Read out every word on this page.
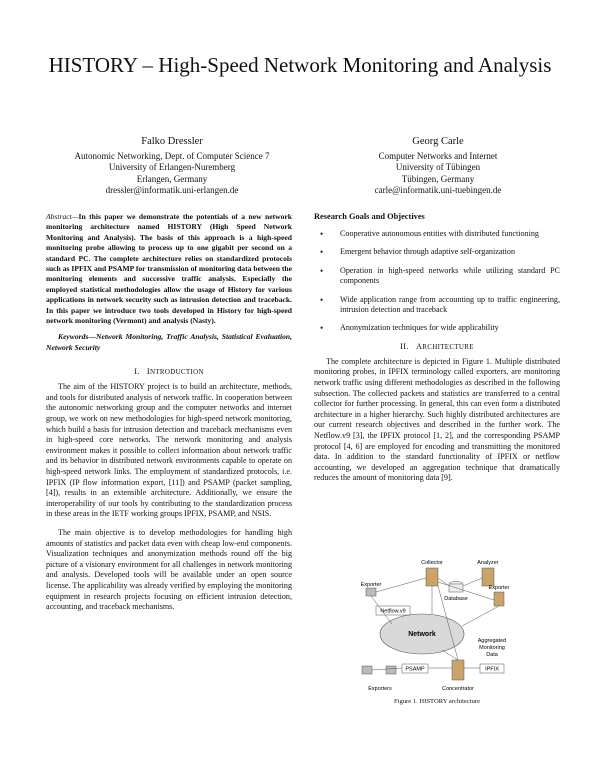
HISTORY – High-Speed Network Monitoring and Analysis
Falko Dressler
Autonomic Networking, Dept. of Computer Science 7
University of Erlangen-Nuremberg
Erlangen, Germany
dressler@informatik.uni-erlangen.de
Georg Carle
Computer Networks and Internet
University of Tübingen
Tübingen, Germany
carle@informatik.uni-tuebingen.de
Abstract—In this paper we demonstrate the potentials of a new network monitoring architecture named HISTORY (High Speed Network Monitoring and Analysis). The basis of this approach is a high-speed monitoring probe allowing to process up to one gigabit per second on a standard PC. The complete architecture relies on standardized protocols such as IPFIX and PSAMP for transmission of monitoring data between the monitoring elements and successive traffic analysis. Especially the employed statistical methodologies allow the usage of History for various applications in network security such as intrusion detection and traceback. In this paper we introduce two tools developed in History for high-speed network monitoring (Vermont) and analysis (Nasty).
Keywords—Network Monitoring, Traffic Analysis, Statistical Evaluation, Network Security
I. INTRODUCTION

The aim of the HISTORY project is to build an architecture, methods, and tools for distributed analysis of network traffic. In cooperation between the autonomic networking group and the computer networks and internet group, we work on new methodologies for high-speed network monitoring, which build a basis for intrusion detection and traceback mechanisms even in high-speed core networks. The network monitoring and analysis environment makes it possible to collect information about network traffic and its behavior in distributed network environments capable to operate on high-speed network links. The employment of standardized protocols, i.e. IPFIX (IP flow information export, [11]) and PSAMP (packet sampling, [4]), results in an extensible architecture. Additionally, we ensure the interoperability of our tools by contributing to the standardization process in these areas in the IETF working groups IPFIX, PSAMP, and NSIS.

The main objective is to develop methodologies for handling high amounts of statistics and packet data even with cheap low-end components. Visualization techniques and anonymization methods round off the big picture of a visionary environment for all challenges in network monitoring and analysis. Developed tools will be available under an open source license. The applicability was already verified by employing the monitoring equipment in research projects focusing on efficient intrusion detection, accounting, and traceback mechanisms.

Research Goals and Objectives
• Cooperative autonomous entities with distributed functioning
• Emergent behavior through adaptive self-organization
• Operation in high-speed networks while utilizing standard PC components
• Wide application range from accounting up to traffic engineering, intrusion detection and traceback
• Anonymization techniques for wide applicability
II. ARCHITECTURE

The complete architecture is depicted in Figure 1. Multiple distributed monitoring probes, in IPFIX terminology called exporters, are monitoring network traffic using different methodologies as described in the following subsection. The collected packets and statistics are transferred to a central collector for further processing. In general, this can even form a distributed architecture in a higher hierarchy. Such highly distributed architectures are our current research objectives and described in the further work. The Netflow.v9 [3], the IPFIX protocol [1, 2], and the corresponding PSAMP protocol [4, 6] are employed for encoding and transmitting the monitored data. In addition to the standard functionality of IPFIX or netflow accounting, we developed an aggregation technique that dramatically reduces the amount of monitoring data [9].

Network
Collector	Analyzer
Database
Exporter	Exporter
Netflow.v9
Aggregated
Monitoring
Data
Exporters
PSAMP	IPFIX
Concentrator
Figure 1. HISTORY architecture
